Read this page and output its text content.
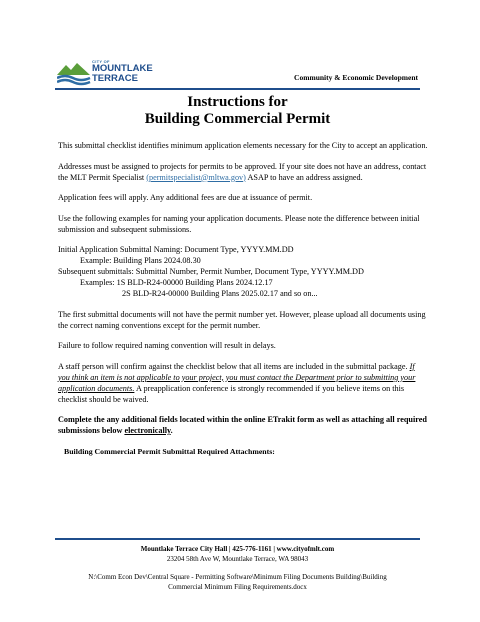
CITY OF
MOUNTLAKE
TERRACE	Community & Economic Development
Instructions for
Building Commercial Permit

This submittal checklist identifies minimum application elements necessary for the City to accept an application.

Addresses must be assigned to projects for permits to be approved. If your site does not have an address, contact the MLT Permit Specialist (permitspecialist@mltwa.gov) ASAP to have an address assigned.

Application fees will apply. Any additional fees are due at issuance of permit.

Use the following examples for naming your application documents. Please note the difference between initial submission and subsequent submissions.

Initial Application Submittal Naming: Document Type, YYYY.MM.DD

Example: Building Plans 2024.08.30

Subsequent submittals: Submittal Number, Permit Number, Document Type, YYYY.MM.DD

Examples: 1S BLD-R24-00000 Building Plans 2024.12.17

2S BLD-R24-00000 Building Plans 2025.02.17 and so on...

The first submittal documents will not have the permit number yet. However, please upload all documents using the correct naming conventions except for the permit number.

Failure to follow required naming convention will result in delays.

A staff person will confirm against the checklist below that all items are included in the submittal package. If you think an item is not applicable to your project, you must contact the Department prior to submitting your application documents. A preapplication conference is strongly recommended if you believe items on this checklist should be waived.

Complete the any additional fields located within the online ETrakit form as well as attaching all required submissions below electronically.

Building Commercial Permit Submittal Required Attachments:

Mountlake Terrace City Hall | 425-776-1161 | www.cityofmlt.com
23204 58th Ave W, Mountlake Terrace, WA 98043
N:\Comm Econ Dev\Central Square - Permitting Software\Minimum Filing Documents Building\Building
Commercial Minimum Filing Requirements.docx
